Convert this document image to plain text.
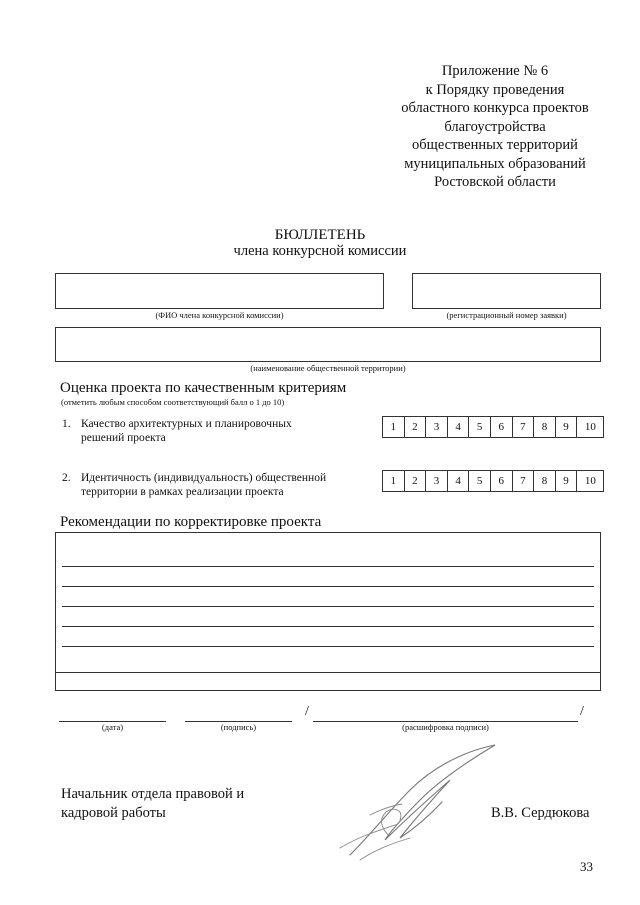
Приложение № 6
к Порядку проведения
областного конкурса проектов
благоустройства
общественных территорий
муниципальных образований
Ростовской области
БЮЛЛЕТЕНЬ
члена конкурсной комиссии
(ФИО члена конкурсной комиссии)	(регистрационный номер заявки)
(наименование общественной территории)
Оценка проекта по качественным критериям
(отметить любым способом соответствующий балл о 1 до 10)
1. Качество архитектурных и планировочных
решений проекта
1	2	3	4	5	6	7	8	9	10
2. Идентичность (индивидуальность) общественной
территории в рамках реализации проекта
1	2	3	4	5	6	7	8	9	10
Рекомендации по корректировке проекта
(дата)	(подпись)
/
(расшифровка подписи)
/
Начальник отдела правовой и
кадровой работы	В.В. Сердюкова
33
